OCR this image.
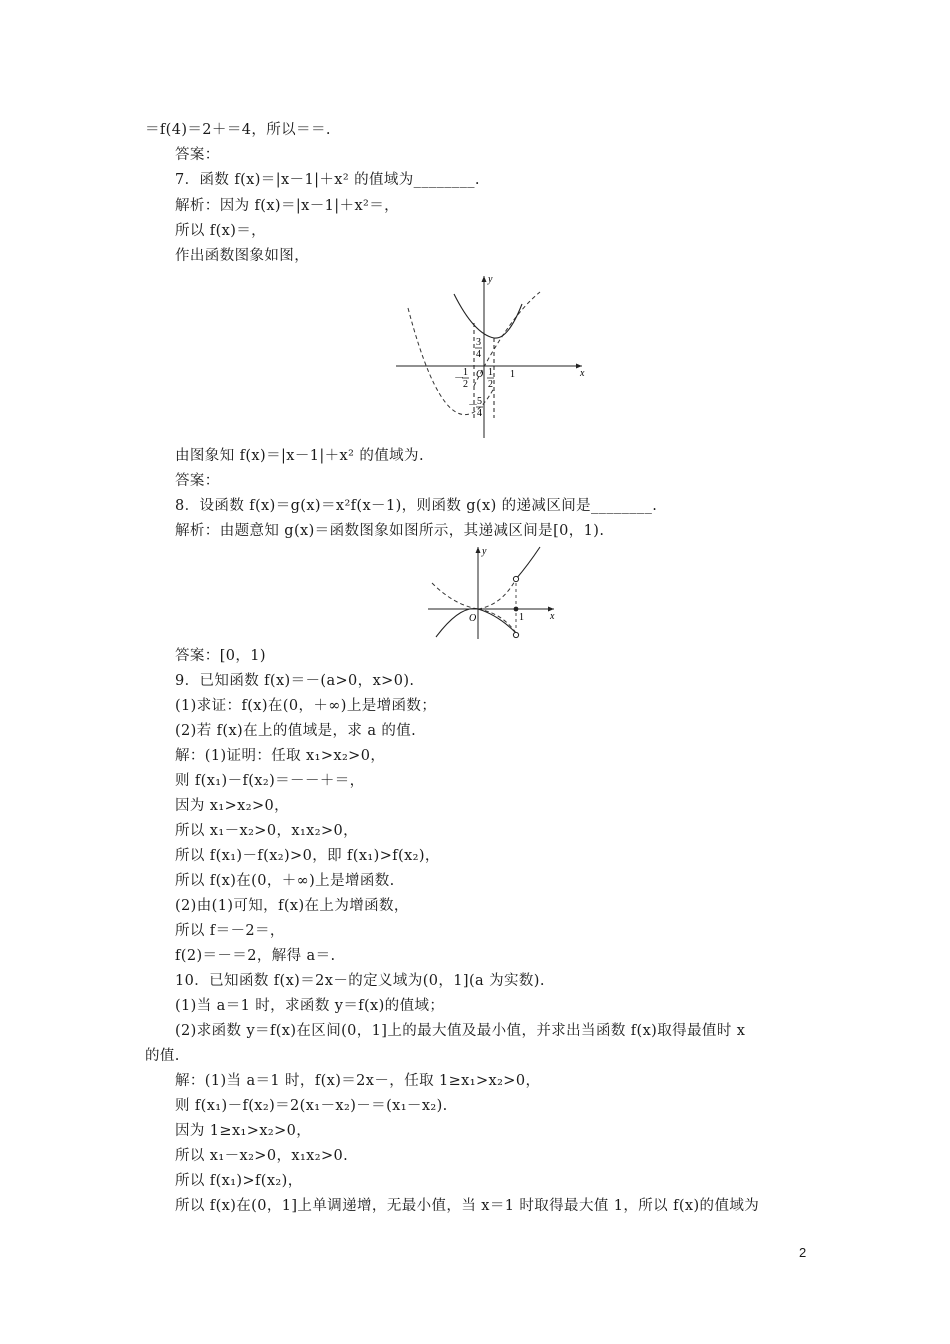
＝f(4)＝2＋＝4，所以＝＝.
答案：
7．函数 f(x)＝|x－1|＋x² 的值域为________.
解析：因为 f(x)＝|x－1|＋x²＝，
所以 f(x)＝，
作出函数图象如图，
y
x
O
3
4
－
1
2
1
2
1
－ 5
4
由图象知 f(x)＝|x－1|＋x² 的值域为.
答案：
8．设函数 f(x)＝g(x)＝x²f(x－1)，则函数 g(x) 的递减区间是________.
解析：由题意知 g(x)＝函数图象如图所示，其递减区间是[0，1).
y
x
O	1
答案：[0，1)
9．已知函数 f(x)＝－(a>0，x>0).
(1)求证：f(x)在(0，＋∞)上是增函数；
(2)若 f(x)在上的值域是，求 a 的值.
解：(1)证明：任取 x₁>x₂>0，
则 f(x₁)－f(x₂)＝－－＋＝，
因为 x₁>x₂>0，
所以 x₁－x₂>0，x₁x₂>0，
所以 f(x₁)－f(x₂)>0，即 f(x₁)>f(x₂)，
所以 f(x)在(0，＋∞)上是增函数.
(2)由(1)可知，f(x)在上为增函数，
所以 f＝－2＝，
f(2)＝－＝2，解得 a＝.
10．已知函数 f(x)＝2x－的定义域为(0，1](a 为实数).
(1)当 a＝1 时，求函数 y＝f(x)的值域；
(2)求函数 y＝f(x)在区间(0，1]上的最大值及最小值，并求出当函数 f(x)取得最值时 x
的值.
解：(1)当 a＝1 时，f(x)＝2x－，任取 1≥x₁>x₂>0，
则 f(x₁)－f(x₂)＝2(x₁－x₂)－＝(x₁－x₂).
因为 1≥x₁>x₂>0，
所以 x₁－x₂>0，x₁x₂>0.
所以 f(x₁)>f(x₂)，
所以 f(x)在(0，1]上单调递增，无最小值，当 x＝1 时取得最大值 1，所以 f(x)的值域为
2
